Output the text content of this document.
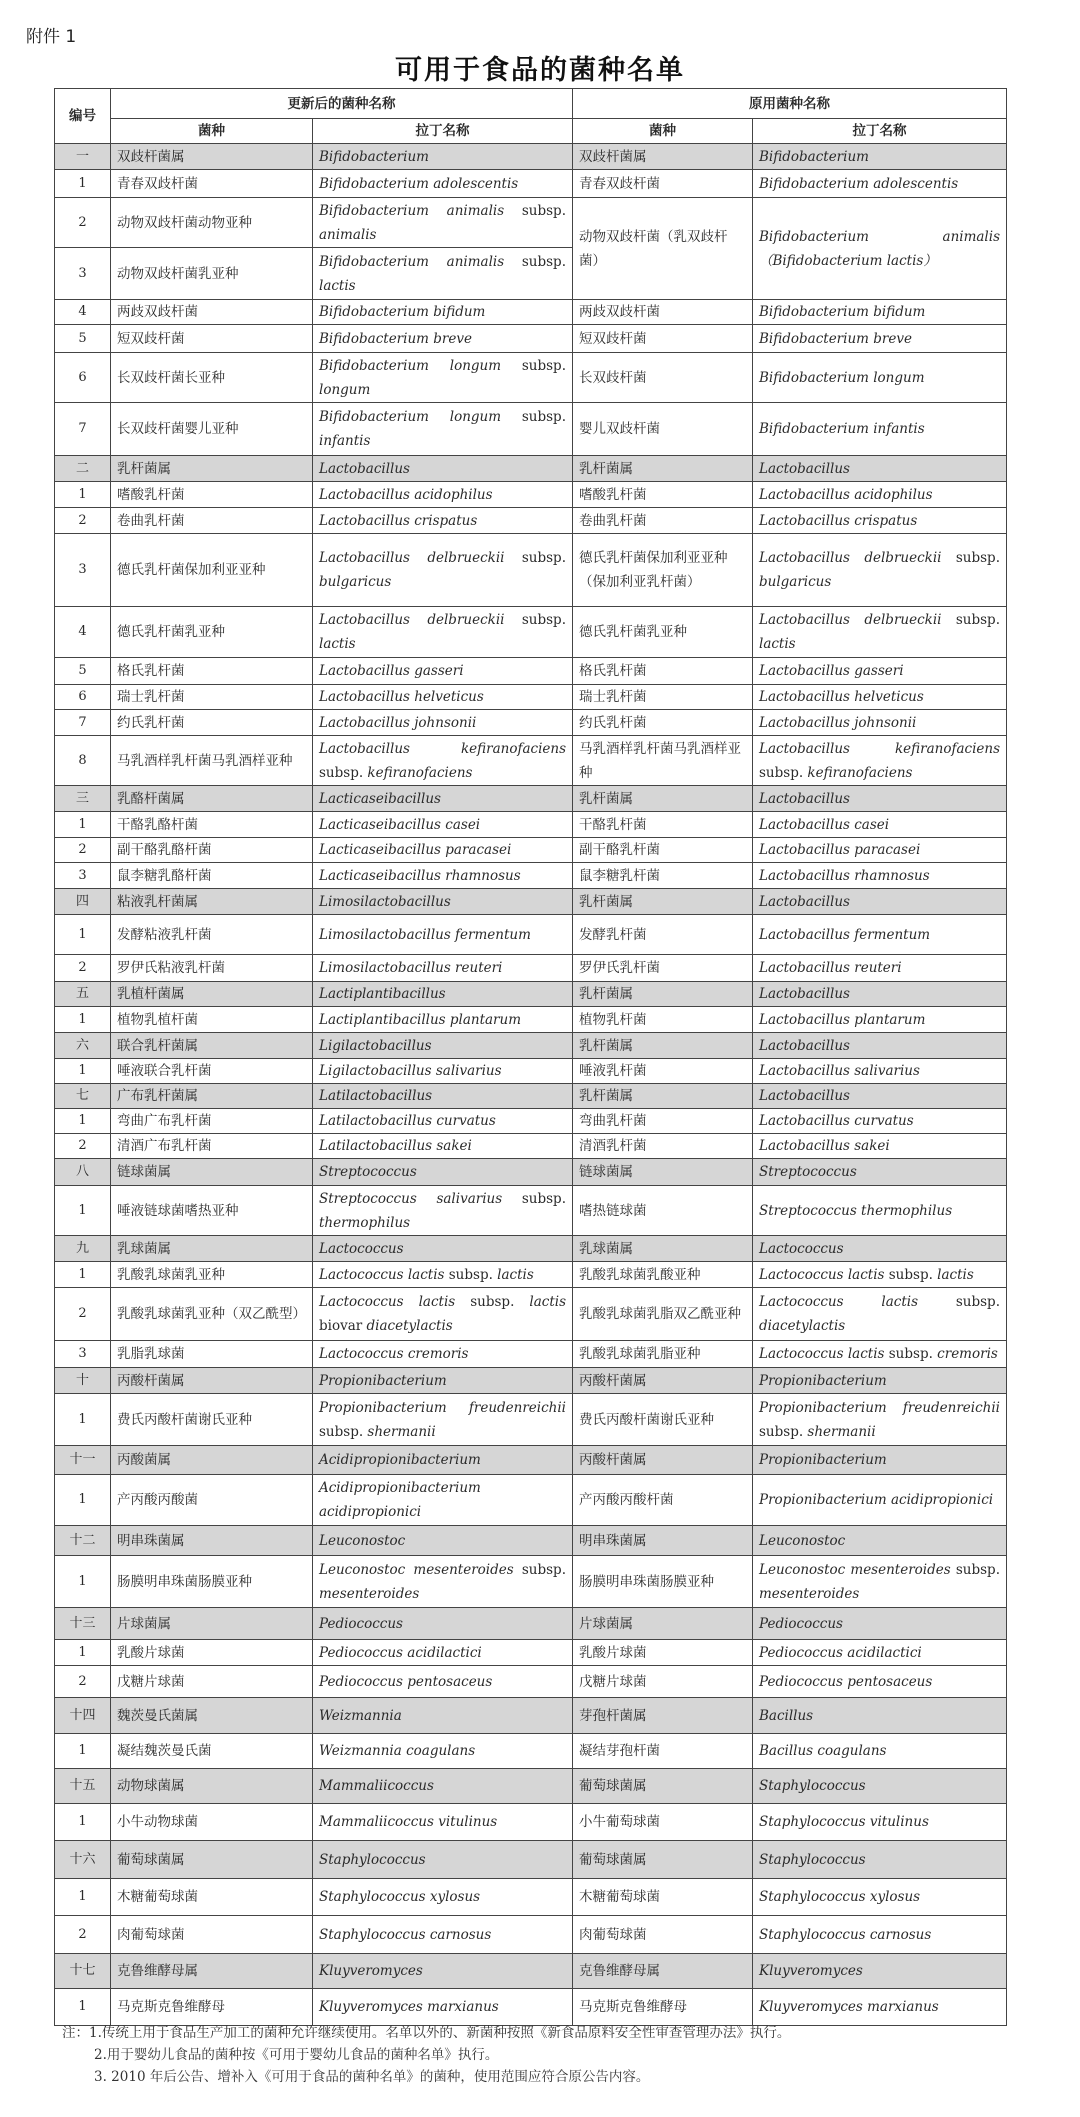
附件 1
可用于食品的菌种名单
编号	更新后的菌种名称		原用菌种名称	
	菌种	拉丁名称	菌种	拉丁名称
一	双歧杆菌属	Bifidobacterium	双歧杆菌属	Bifidobacterium
1	青春双歧杆菌	Bifidobacterium adolescentis	青春双歧杆菌	Bifidobacterium adolescentis
2	动物双歧杆菌动物亚种	Bifidobacterium animalis subsp. animalis	动物双歧杆菌（乳双歧杆菌）	Bifidobacterium animalis（Bifidobacterium lactis）
3	动物双歧杆菌乳亚种	Bifidobacterium animalis subsp. lactis		
4	两歧双歧杆菌	Bifidobacterium bifidum	两歧双歧杆菌	Bifidobacterium bifidum
5	短双歧杆菌	Bifidobacterium breve	短双歧杆菌	Bifidobacterium breve
6	长双歧杆菌长亚种	Bifidobacterium longum subsp. longum	长双歧杆菌	Bifidobacterium longum
7	长双歧杆菌婴儿亚种	Bifidobacterium longum subsp. infantis	婴儿双歧杆菌	Bifidobacterium infantis
二	乳杆菌属	Lactobacillus	乳杆菌属	Lactobacillus
1	嗜酸乳杆菌	Lactobacillus acidophilus	嗜酸乳杆菌	Lactobacillus acidophilus
2	卷曲乳杆菌	Lactobacillus crispatus	卷曲乳杆菌	Lactobacillus crispatus
3	德氏乳杆菌保加利亚亚种	Lactobacillus delbrueckii subsp. bulgaricus	德氏乳杆菌保加利亚亚种（保加利亚乳杆菌）	Lactobacillus delbrueckii subsp. bulgaricus
4	德氏乳杆菌乳亚种	Lactobacillus delbrueckii subsp. lactis	德氏乳杆菌乳亚种	Lactobacillus delbrueckii subsp. lactis
5	格氏乳杆菌	Lactobacillus gasseri	格氏乳杆菌	Lactobacillus gasseri
6	瑞士乳杆菌	Lactobacillus helveticus	瑞士乳杆菌	Lactobacillus helveticus
7	约氏乳杆菌	Lactobacillus johnsonii	约氏乳杆菌	Lactobacillus johnsonii
8	马乳酒样乳杆菌马乳酒样亚种	Lactobacillus kefiranofaciens subsp. kefiranofaciens	马乳酒样乳杆菌马乳酒样亚种	Lactobacillus kefiranofaciens subsp. kefiranofaciens
三	乳酪杆菌属	Lacticaseibacillus	乳杆菌属	Lactobacillus
1	干酪乳酪杆菌	Lacticaseibacillus casei	干酪乳杆菌	Lactobacillus casei
2	副干酪乳酪杆菌	Lacticaseibacillus paracasei	副干酪乳杆菌	Lactobacillus paracasei
3	鼠李糖乳酪杆菌	Lacticaseibacillus rhamnosus	鼠李糖乳杆菌	Lactobacillus rhamnosus
四	粘液乳杆菌属	Limosilactobacillus	乳杆菌属	Lactobacillus
1	发酵粘液乳杆菌	Limosilactobacillus fermentum	发酵乳杆菌	Lactobacillus fermentum
2	罗伊氏粘液乳杆菌	Limosilactobacillus reuteri	罗伊氏乳杆菌	Lactobacillus reuteri
五	乳植杆菌属	Lactiplantibacillus	乳杆菌属	Lactobacillus
1	植物乳植杆菌	Lactiplantibacillus plantarum	植物乳杆菌	Lactobacillus plantarum
六	联合乳杆菌属	Ligilactobacillus	乳杆菌属	Lactobacillus
1	唾液联合乳杆菌	Ligilactobacillus salivarius	唾液乳杆菌	Lactobacillus salivarius
七	广布乳杆菌属	Latilactobacillus	乳杆菌属	Lactobacillus
1	弯曲广布乳杆菌	Latilactobacillus curvatus	弯曲乳杆菌	Lactobacillus curvatus
2	清酒广布乳杆菌	Latilactobacillus sakei	清酒乳杆菌	Lactobacillus sakei
八	链球菌属	Streptococcus	链球菌属	Streptococcus
1	唾液链球菌嗜热亚种	Streptococcus salivarius subsp. thermophilus	嗜热链球菌	Streptococcus thermophilus
九	乳球菌属	Lactococcus	乳球菌属	Lactococcus
1	乳酸乳球菌乳亚种	Lactococcus lactis subsp. lactis	乳酸乳球菌乳酸亚种	Lactococcus lactis subsp. lactis
2	乳酸乳球菌乳亚种（双乙酰型）	Lactococcus lactis subsp. lactis biovar diacetylactis	乳酸乳球菌乳脂双乙酰亚种	Lactococcus lactis subsp. diacetylactis
3	乳脂乳球菌	Lactococcus cremoris	乳酸乳球菌乳脂亚种	Lactococcus lactis subsp. cremoris
十	丙酸杆菌属	Propionibacterium	丙酸杆菌属	Propionibacterium
1	费氏丙酸杆菌谢氏亚种	Propionibacterium freudenreichii subsp. shermanii	费氏丙酸杆菌谢氏亚种	Propionibacterium freudenreichii subsp. shermanii
十一	丙酸菌属	Acidipropionibacterium	丙酸杆菌属	Propionibacterium
1	产丙酸丙酸菌	Acidipropionibacterium acidipropionici	产丙酸丙酸杆菌	Propionibacterium acidipropionici
十二	明串珠菌属	Leuconostoc	明串珠菌属	Leuconostoc
1	肠膜明串珠菌肠膜亚种	Leuconostoc mesenteroides subsp. mesenteroides	肠膜明串珠菌肠膜亚种	Leuconostoc mesenteroides subsp. mesenteroides
十三	片球菌属	Pediococcus	片球菌属	Pediococcus
1	乳酸片球菌	Pediococcus acidilactici	乳酸片球菌	Pediococcus acidilactici
2	戊糖片球菌	Pediococcus pentosaceus	戊糖片球菌	Pediococcus pentosaceus
十四	魏茨曼氏菌属	Weizmannia	芽孢杆菌属	Bacillus
1	凝结魏茨曼氏菌	Weizmannia coagulans	凝结芽孢杆菌	Bacillus coagulans
十五	动物球菌属	Mammaliicoccus	葡萄球菌属	Staphylococcus
1	小牛动物球菌	Mammaliicoccus vitulinus	小牛葡萄球菌	Staphylococcus vitulinus
十六	葡萄球菌属	Staphylococcus	葡萄球菌属	Staphylococcus
1	木糖葡萄球菌	Staphylococcus xylosus	木糖葡萄球菌	Staphylococcus xylosus
2	肉葡萄球菌	Staphylococcus carnosus	肉葡萄球菌	Staphylococcus carnosus
十七	克鲁维酵母属	Kluyveromyces	克鲁维酵母属	Kluyveromyces
1	马克斯克鲁维酵母	Kluyveromyces marxianus	马克斯克鲁维酵母	Kluyveromyces marxianus
注：1.传统上用于食品生产加工的菌种允许继续使用。名单以外的、新菌种按照《新食品原料安全性审查管理办法》执行。
2.用于婴幼儿食品的菌种按《可用于婴幼儿食品的菌种名单》执行。
3. 2010 年后公告、增补入《可用于食品的菌种名单》的菌种，使用范围应符合原公告内容。
